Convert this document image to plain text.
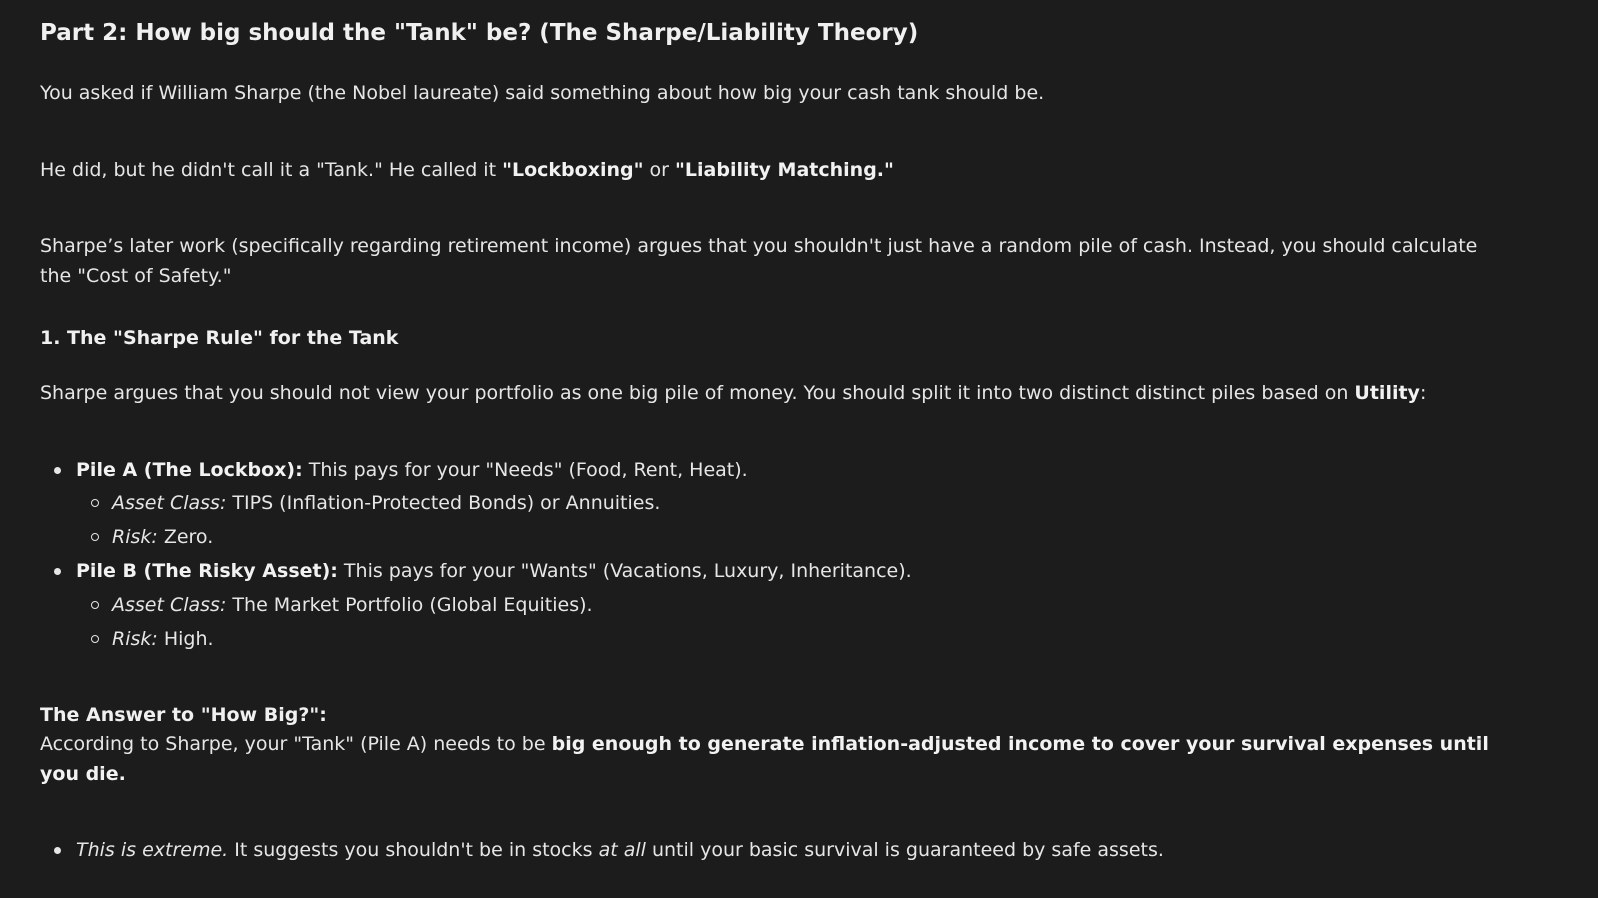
Part 2: How big should the "Tank" be? (The Sharpe/Liability Theory)

You asked if William Sharpe (the Nobel laureate) said something about how big your cash tank should be.

He did, but he didn't call it a "Tank." He called it "Lockboxing" or "Liability Matching."

Sharpe’s later work (specifically regarding retirement income) argues that you shouldn't just have a random pile of cash. Instead, you should calculate the "Cost of Safety."

1. The "Sharpe Rule" for the Tank

Sharpe argues that you should not view your portfolio as one big pile of money. You should split it into two distinct distinct piles based on Utility:

Pile A (The Lockbox): This pays for your "Needs" (Food, Rent, Heat).
Asset Class: TIPS (Inflation-Protected Bonds) or Annuities.
Risk: Zero.
Pile B (The Risky Asset): This pays for your "Wants" (Vacations, Luxury, Inheritance).
Asset Class: The Market Portfolio (Global Equities).
Risk: High.
The Answer to "How Big?":

According to Sharpe, your "Tank" (Pile A) needs to be big enough to generate inflation-adjusted income to cover your survival expenses until you die.

This is extreme. It suggests you shouldn't be in stocks at all until your basic survival is guaranteed by safe assets.
